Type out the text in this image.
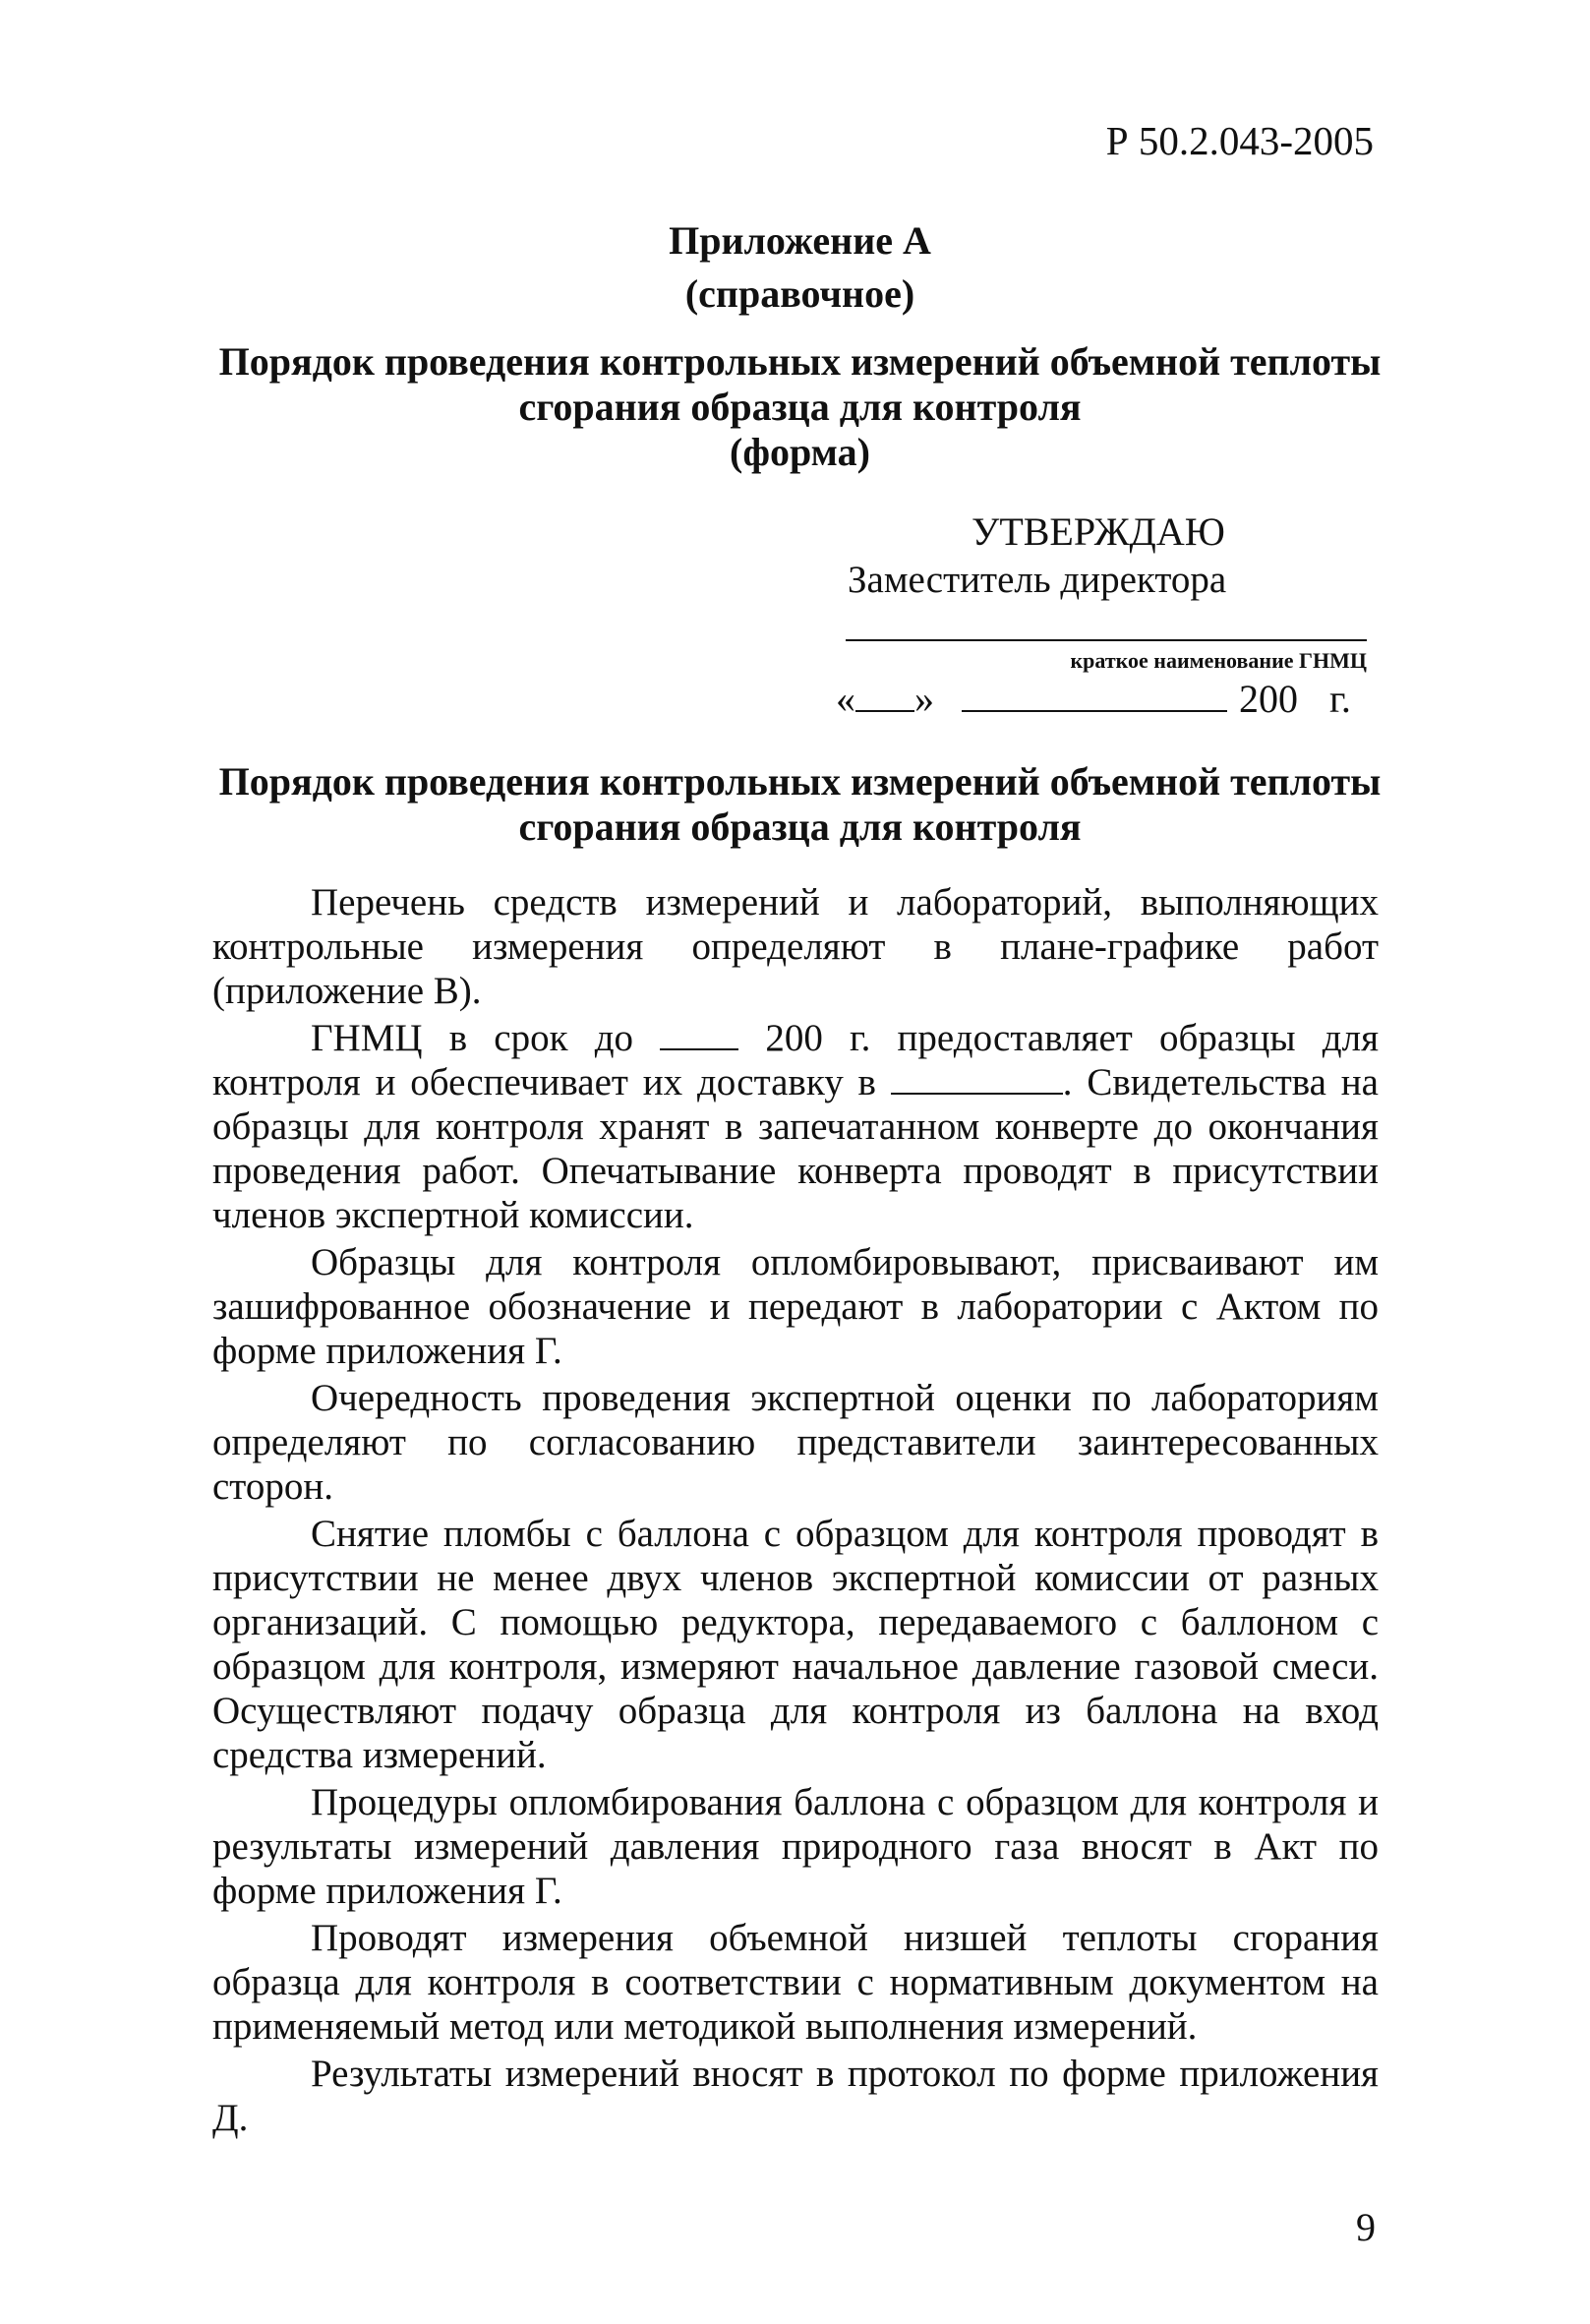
Р 50.2.043-2005
Приложение А
(справочное)
Порядок проведения контрольных измерений объемной теплоты
сгорания образца для контроля
(форма)
УТВЕРЖДАЮ
Заместитель директора
краткое наименование ГНМЦ
« »	200 г.
Порядок проведения контрольных измерений объемной теплоты
сгорания образца для контроля

Перечень средств измерений и лабораторий, выполняющих контрольные измерения определяют в плане-графике работ (приложение В).

ГНМЦ в срок до	200 г. предоставляет образцы для контроля и обеспечивает их доставку в	. Свидетельства на образцы для контроля хранят в запечатанном конверте до окончания проведения работ. Опечатывание конверта проводят в присутствии членов экспертной комиссии.

Образцы для контроля опломбировывают, присваивают им зашифрованное обозначение и передают в лаборатории с Актом по форме приложения Г.

Очередность проведения экспертной оценки по лабораториям определяют по согласованию представители заинтересованных сторон.

Снятие пломбы с баллона с образцом для контроля проводят в присутствии не менее двух членов экспертной комиссии от разных организаций. С помощью редуктора, передаваемого с баллоном с образцом для контроля, измеряют начальное давление газовой смеси. Осуществляют подачу образца для контроля из баллона на вход средства измерений.

Процедуры опломбирования баллона с образцом для контроля и результаты измерений давления природного газа вносят в Акт по форме приложения Г.

Проводят измерения объемной низшей теплоты сгорания образца для контроля в соответствии с нормативным документом на применяемый метод или методикой выполнения измерений.

Результаты измерений вносят в протокол по форме приложения Д.

9
